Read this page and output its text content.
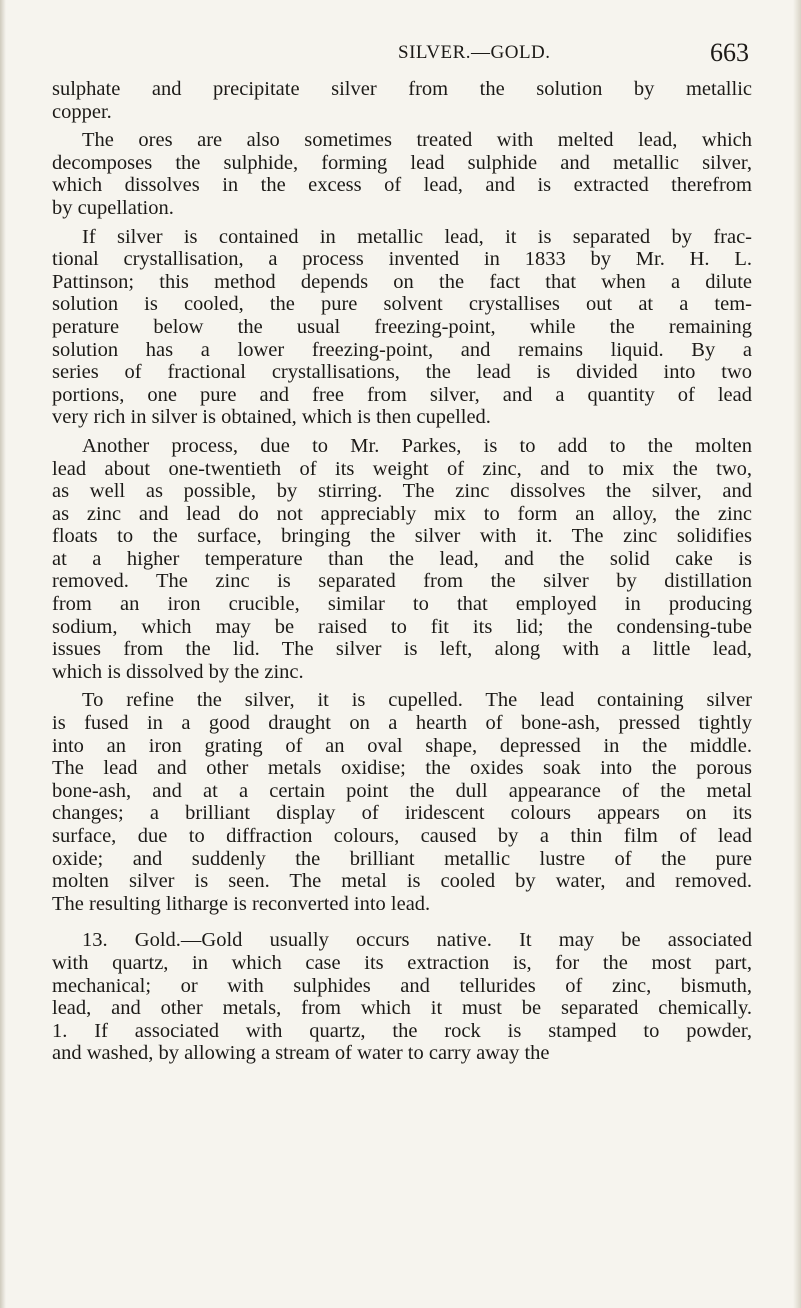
SILVER.—GOLD.	663

sulphate and precipitate silver from the solution by metallic
copper.

The ores are also sometimes treated with melted lead, which
decomposes the sulphide, forming lead sulphide and metallic silver,
which dissolves in the excess of lead, and is extracted therefrom
by cupellation.

If silver is contained in metallic lead, it is separated by frac-
tional crystallisation, a process invented in 1833 by Mr. H. L.
Pattinson; this method depends on the fact that when a dilute
solution is cooled, the pure solvent crystallises out at a tem-
perature below the usual freezing-point, while the remaining
solution has a lower freezing-point, and remains liquid. By a
series of fractional crystallisations, the lead is divided into two
portions, one pure and free from silver, and a quantity of lead
very rich in silver is obtained, which is then cupelled.

Another process, due to Mr. Parkes, is to add to the molten
lead about one-twentieth of its weight of zinc, and to mix the two,
as well as possible, by stirring. The zinc dissolves the silver, and
as zinc and lead do not appreciably mix to form an alloy, the zinc
floats to the surface, bringing the silver with it. The zinc solidifies
at a higher temperature than the lead, and the solid cake is
removed. The zinc is separated from the silver by distillation
from an iron crucible, similar to that employed in producing
sodium, which may be raised to fit its lid; the condensing-tube
issues from the lid. The silver is left, along with a little lead,
which is dissolved by the zinc.

To refine the silver, it is cupelled. The lead containing silver
is fused in a good draught on a hearth of bone-ash, pressed tightly
into an iron grating of an oval shape, depressed in the middle.
The lead and other metals oxidise; the oxides soak into the porous
bone-ash, and at a certain point the dull appearance of the metal
changes; a brilliant display of iridescent colours appears on its
surface, due to diffraction colours, caused by a thin film of lead
oxide; and suddenly the brilliant metallic lustre of the pure
molten silver is seen. The metal is cooled by water, and removed.
The resulting litharge is reconverted into lead.

13. Gold.—Gold usually occurs native. It may be associated
with quartz, in which case its extraction is, for the most part,
mechanical; or with sulphides and tellurides of zinc, bismuth,
lead, and other metals, from which it must be separated chemically.
1. If associated with quartz, the rock is stamped to powder,
and washed, by allowing a stream of water to carry away the
